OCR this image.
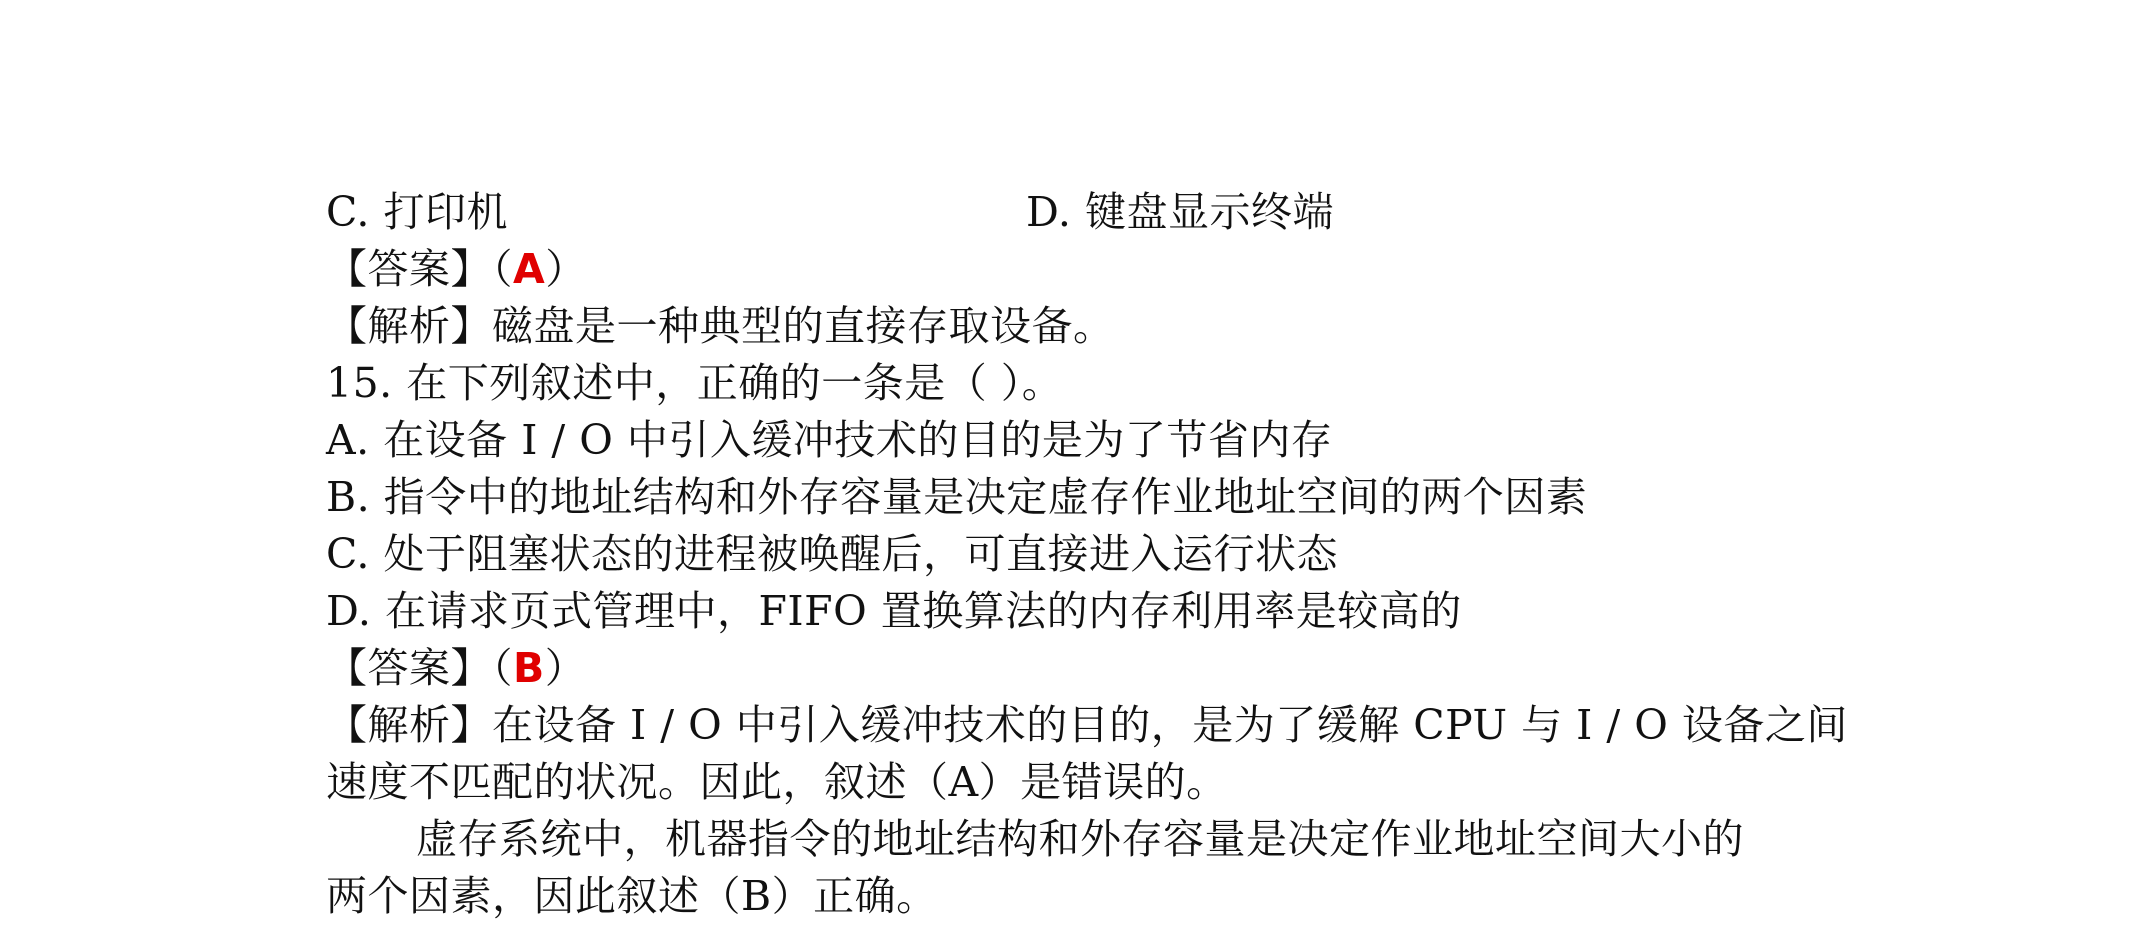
C. 打印机	D. 键盘显示终端
【答案】（A）
【解析】磁盘是一种典型的直接存取设备。
15. 在下列叙述中，正确的一条是（ ）。
A. 在设备 I / O 中引入缓冲技术的目的是为了节省内存
B. 指令中的地址结构和外存容量是决定虚存作业地址空间的两个因素
C. 处于阻塞状态的进程被唤醒后，可直接进入运行状态
D. 在请求页式管理中，FIFO 置换算法的内存利用率是较高的
【答案】（B）
【解析】在设备 I / O 中引入缓冲技术的目的，是为了缓解 CPU 与 I / O 设备之间
速度不匹配的状况。因此，叙述（A）是错误的。
虚存系统中，机器指令的地址结构和外存容量是决定作业地址空间大小的
两个因素，因此叙述（B）正确。
